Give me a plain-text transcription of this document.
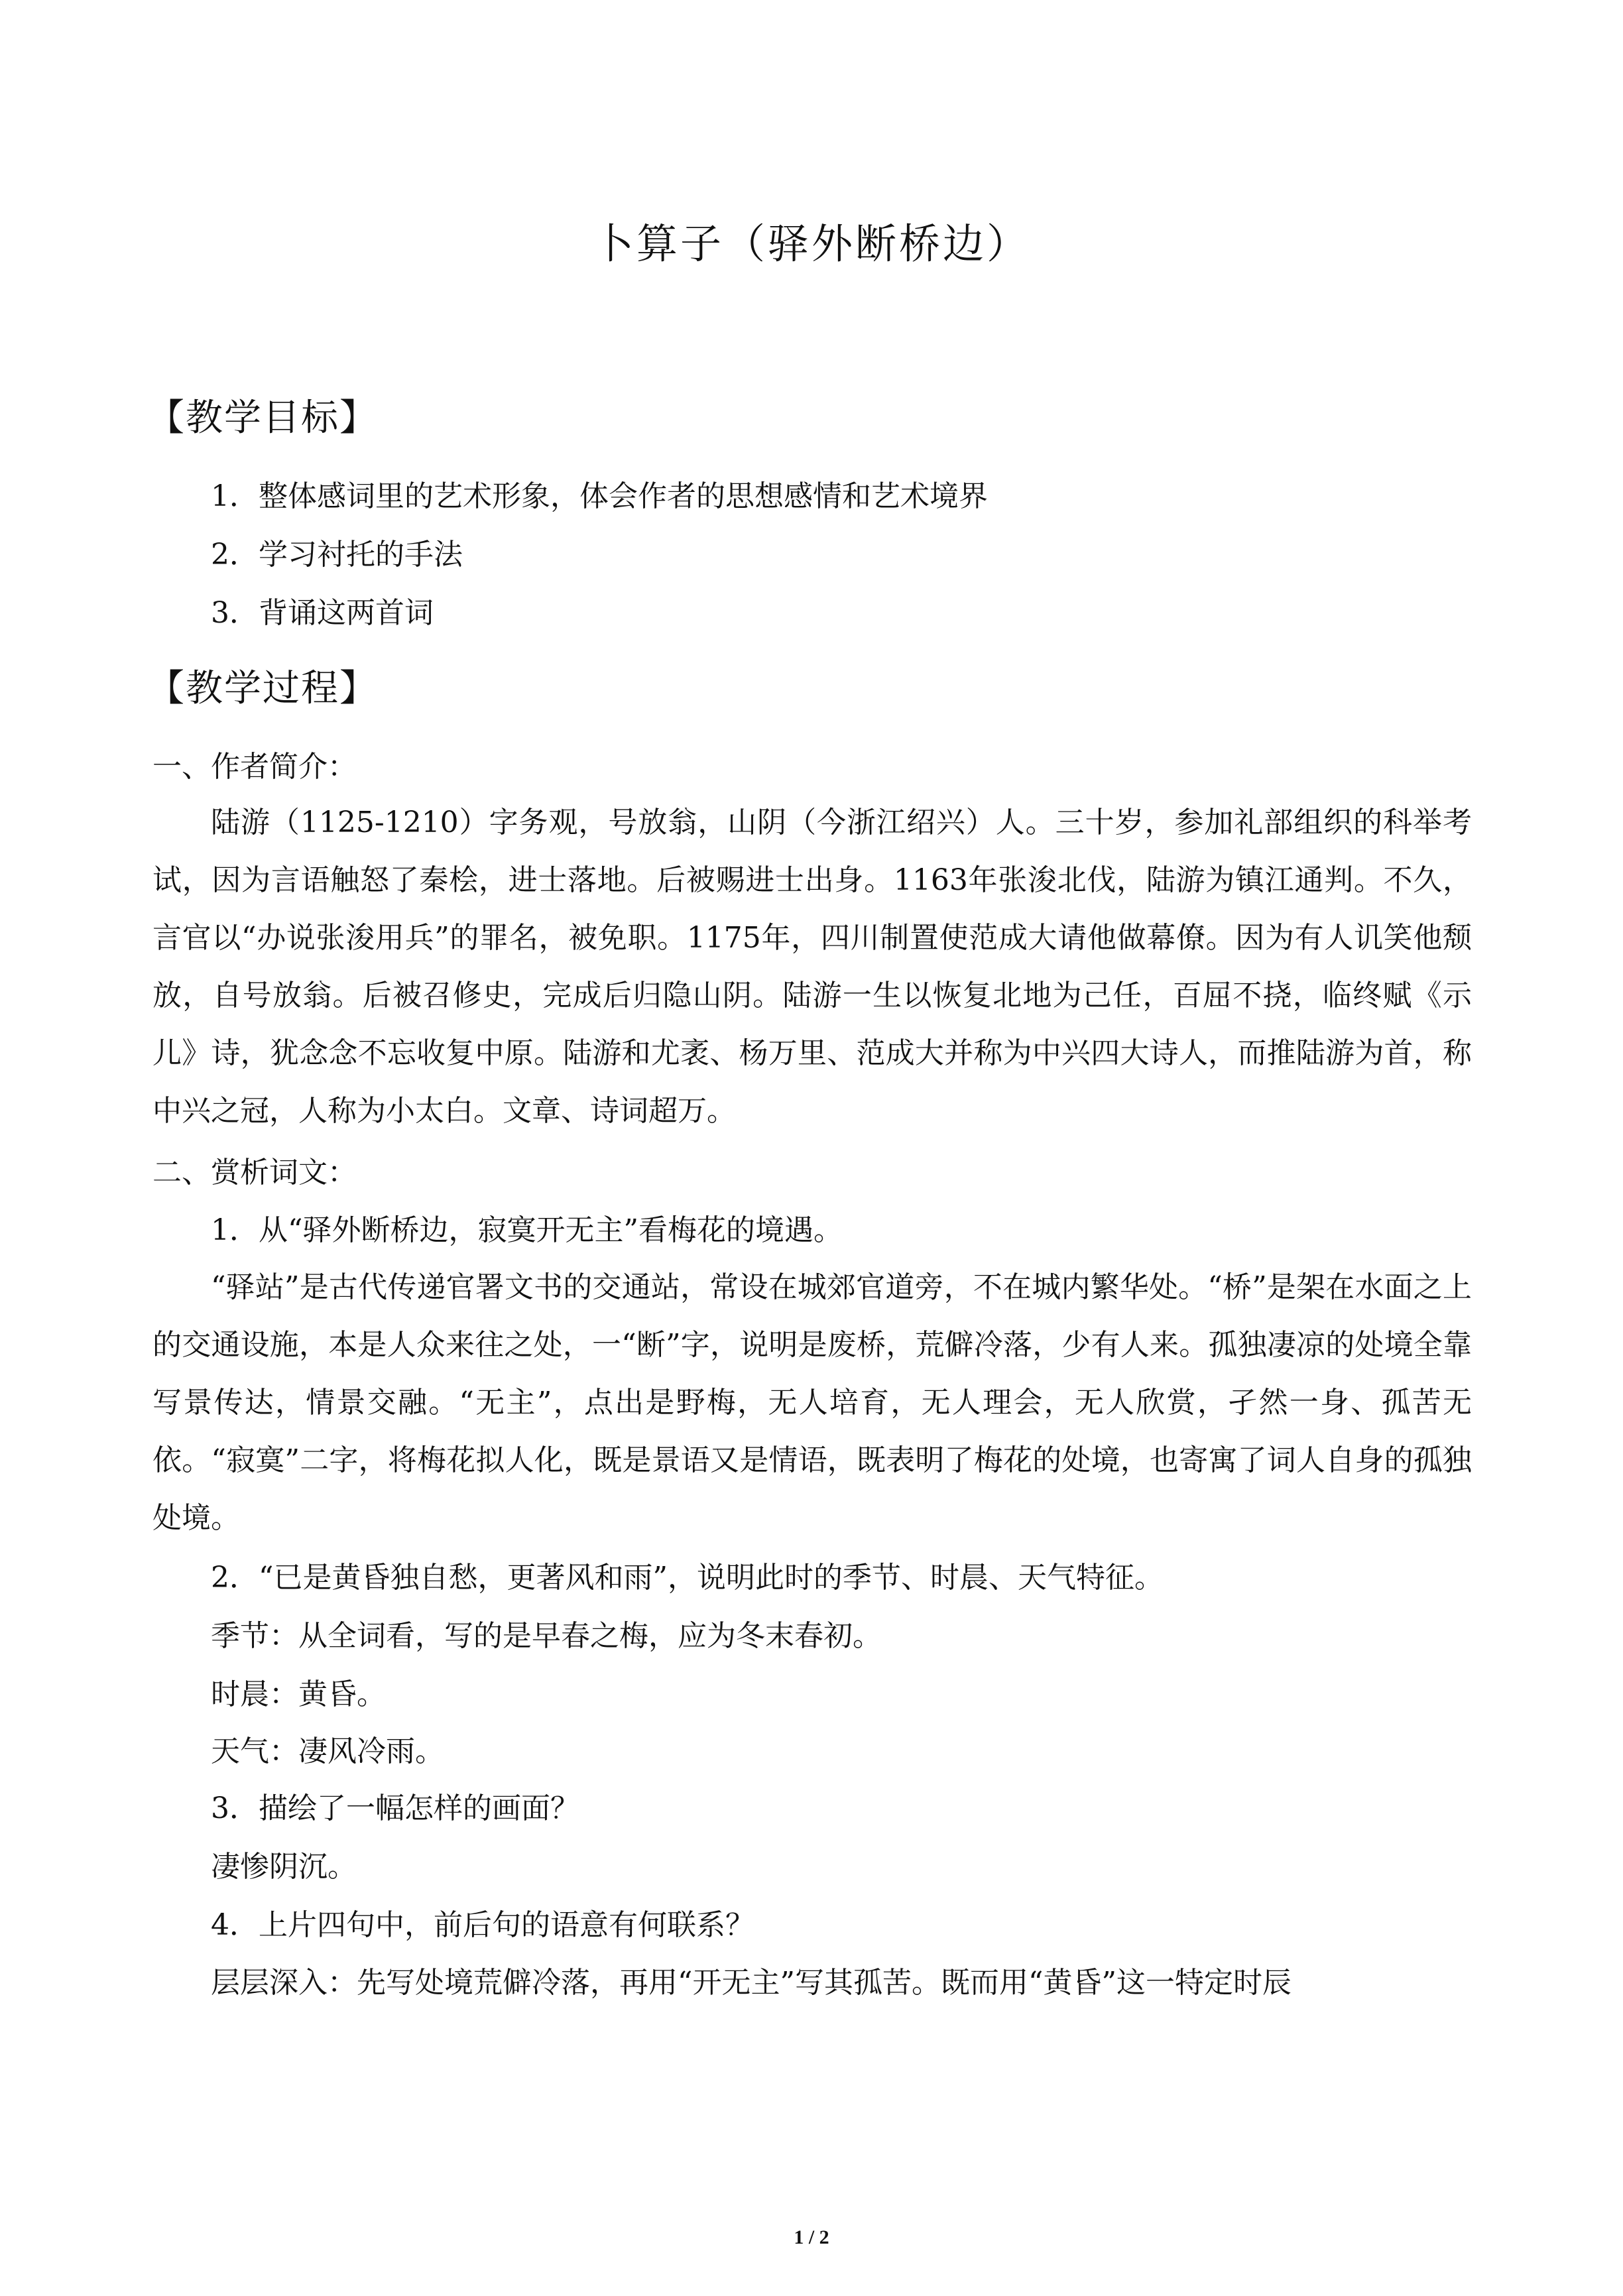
卜算子（驿外断桥边）
【教学目标】
1．整体感词里的艺术形象，体会作者的思想感情和艺术境界
2．学习衬托的手法
3．背诵这两首词
【教学过程】
一、作者简介：

陆游（1125-1210）字务观，号放翁，山阴（今浙江绍兴）人。三十岁，参加礼部组织的科举考试，因为言语触怒了秦桧，进士落地。后被赐进士出身。1163年张浚北伐，陆游为镇江通判。不久，言官以“办说张浚用兵”的罪名，被免职。1175年，四川制置使范成大请他做幕僚。因为有人讥笑他颓放，自号放翁。后被召修史，完成后归隐山阴。陆游一生以恢复北地为己任，百屈不挠，临终赋《示儿》诗，犹念念不忘收复中原。陆游和尤袤、杨万里、范成大并称为中兴四大诗人，而推陆游为首，称中兴之冠，人称为小太白。文章、诗词超万。

二、赏析词文：
1．从“驿外断桥边，寂寞开无主”看梅花的境遇。

“驿站”是古代传递官署文书的交通站，常设在城郊官道旁，不在城内繁华处。“桥”是架在水面之上的交通设施，本是人众来往之处，一“断”字，说明是废桥，荒僻冷落，少有人来。孤独凄凉的处境全靠写景传达，情景交融。“无主”，点出是野梅，无人培育，无人理会，无人欣赏，孑然一身、孤苦无依。“寂寞”二字，将梅花拟人化，既是景语又是情语，既表明了梅花的处境，也寄寓了词人自身的孤独处境。

2．“已是黄昏独自愁，更著风和雨”，说明此时的季节、时晨、天气特征。
季节：从全词看，写的是早春之梅，应为冬末春初。
时晨：黄昏。
天气：凄风冷雨。
3．描绘了一幅怎样的画面？
凄惨阴沉。
4．上片四句中，前后句的语意有何联系？
层层深入：先写处境荒僻冷落，再用“开无主”写其孤苦。既而用“黄昏”这一特定时辰
1 / 2
